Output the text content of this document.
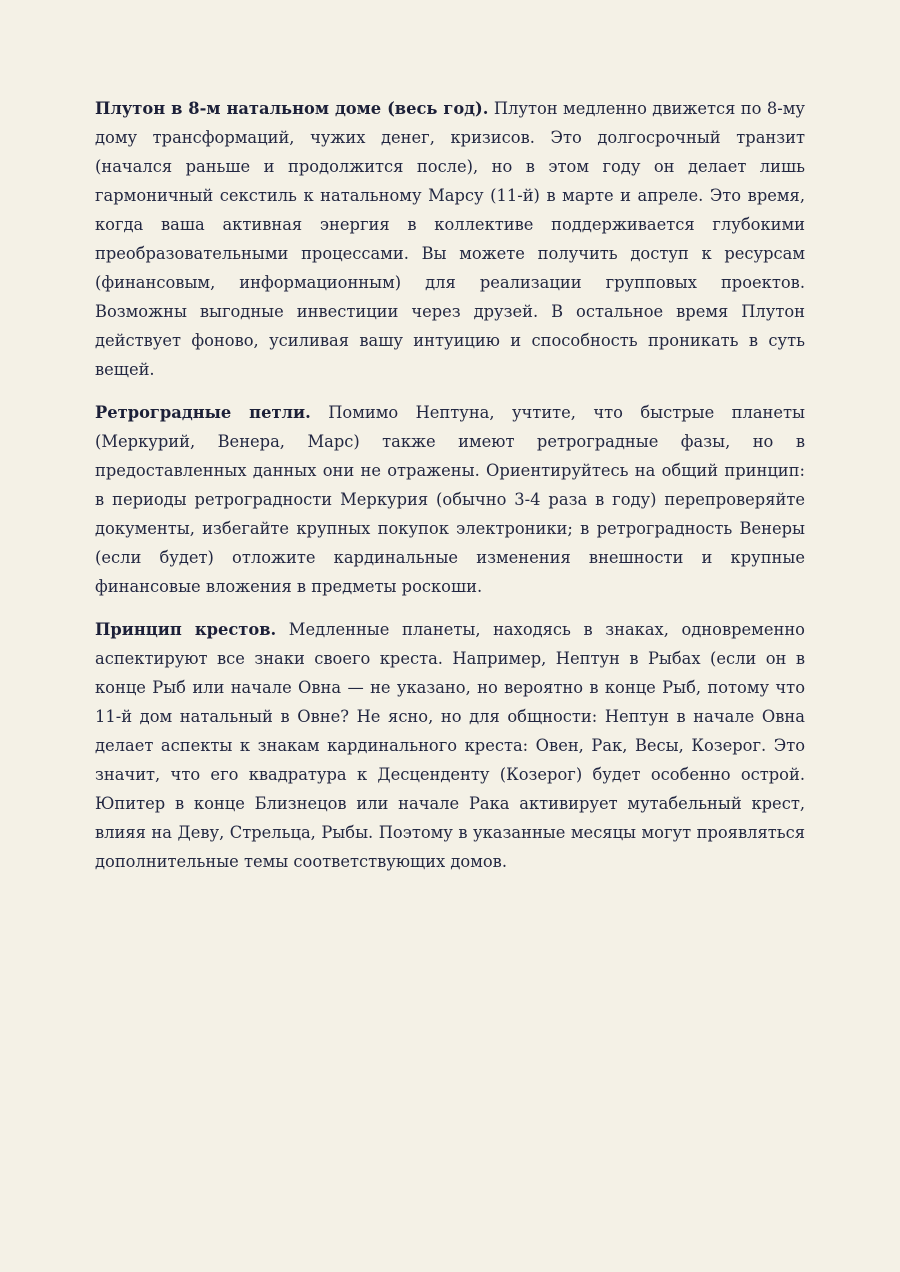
Плутон в 8-м натальном доме (весь год). Плутон медленно движется по 8-му дому трансформаций, чужих денег, кризисов. Это долгосрочный транзит (начался раньше и продолжится после), но в этом году он делает лишь гармоничный секстиль к натальному Марсу (11-й) в марте и апреле. Это время, когда ваша активная энергия в коллективе поддерживается глубокими преобразовательными процессами. Вы можете получить доступ к ресурсам (финансовым, информационным) для реализации групповых проектов. Возможны выгодные инвестиции через друзей. В остальное время Плутон действует фоново, усиливая вашу интуицию и способность проникать в суть вещей.

Ретроградные петли. Помимо Нептуна, учтите, что быстрые планеты (Меркурий, Венера, Марс) также имеют ретроградные фазы, но в предоставленных данных они не отражены. Ориентируйтесь на общий принцип: в периоды ретроградности Меркурия (обычно 3-4 раза в году) перепроверяйте документы, избегайте крупных покупок электроники; в ретроградность Венеры (если будет) отложите кардинальные изменения внешности и крупные финансовые вложения в предметы роскоши.

Принцип крестов. Медленные планеты, находясь в знаках, одновременно аспектируют все знаки своего креста. Например, Нептун в Рыбах (если он в конце Рыб или начале Овна — не указано, но вероятно в конце Рыб, потому что 11-й дом натальный в Овне? Не ясно, но для общности: Нептун в начале Овна делает аспекты к знакам кардинального креста: Овен, Рак, Весы, Козерог. Это значит, что его квадратура к Десценденту (Козерог) будет особенно острой. Юпитер в конце Близнецов или начале Рака активирует мутабельный крест, влияя на Деву, Стрельца, Рыбы. Поэтому в указанные месяцы могут проявляться дополнительные темы соответствующих домов.
